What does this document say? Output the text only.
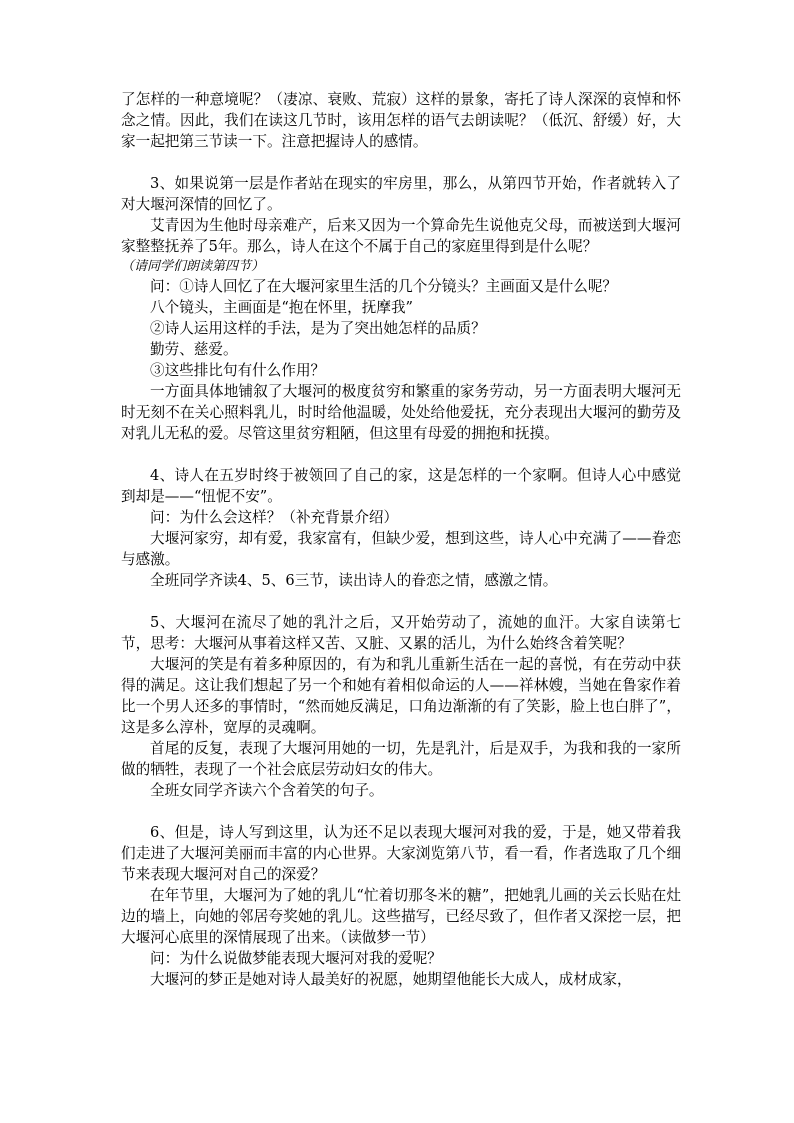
了怎样的一种意境呢？（凄凉、衰败、荒寂）这样的景象，寄托了诗人深深的哀悼和怀念之情。因此，我们在读这几节时，该用怎样的语气去朗读呢？（低沉、舒缓）好，大家一起把第三节读一下。注意把握诗人的感情。

3、如果说第一层是作者站在现实的牢房里，那么，从第四节开始，作者就转入了对大堰河深情的回忆了。

艾青因为生他时母亲难产，后来又因为一个算命先生说他克父母，而被送到大堰河家整整抚养了5年。那么，诗人在这个不属于自己的家庭里得到是什么呢？

（请同学们朗读第四节）

问：①诗人回忆了在大堰河家里生活的几个分镜头？主画面又是什么呢？

八个镜头，主画面是“抱在怀里，抚摩我”

②诗人运用这样的手法，是为了突出她怎样的品质？

勤劳、慈爱。

③这些排比句有什么作用？

一方面具体地铺叙了大堰河的极度贫穷和繁重的家务劳动，另一方面表明大堰河无时无刻不在关心照料乳儿，时时给他温暖，处处给他爱抚，充分表现出大堰河的勤劳及对乳儿无私的爱。尽管这里贫穷粗陋，但这里有母爱的拥抱和抚摸。

4、诗人在五岁时终于被领回了自己的家，这是怎样的一个家啊。但诗人心中感觉到却是——“忸怩不安”。

问：为什么会这样？（补充背景介绍）

大堰河家穷，却有爱，我家富有，但缺少爱，想到这些，诗人心中充满了——眷恋与感激。

全班同学齐读4、5、6三节，读出诗人的眷恋之情，感激之情。

5、大堰河在流尽了她的乳汁之后，又开始劳动了，流她的血汗。大家自读第七节，思考：大堰河从事着这样又苦、又脏、又累的活儿，为什么始终含着笑呢？

大堰河的笑是有着多种原因的，有为和乳儿重新生活在一起的喜悦，有在劳动中获得的满足。这让我们想起了另一个和她有着相似命运的人——祥林嫂，当她在鲁家作着比一个男人还多的事情时，“然而她反满足，口角边渐渐的有了笑影，脸上也白胖了”，这是多么淳朴，宽厚的灵魂啊。

首尾的反复，表现了大堰河用她的一切，先是乳汁，后是双手，为我和我的一家所做的牺牲，表现了一个社会底层劳动妇女的伟大。

全班女同学齐读六个含着笑的句子。

6、但是，诗人写到这里，认为还不足以表现大堰河对我的爱，于是，她又带着我们走进了大堰河美丽而丰富的内心世界。大家浏览第八节，看一看，作者选取了几个细节来表现大堰河对自己的深爱？

在年节里，大堰河为了她的乳儿“忙着切那冬米的糖”，把她乳儿画的关云长贴在灶边的墙上，向她的邻居夸奖她的乳儿。这些描写，已经尽致了，但作者又深挖一层，把大堰河心底里的深情展现了出来。（读做梦一节）

问：为什么说做梦能表现大堰河对我的爱呢？

大堰河的梦正是她对诗人最美好的祝愿，她期望他能长大成人，成材成家，
